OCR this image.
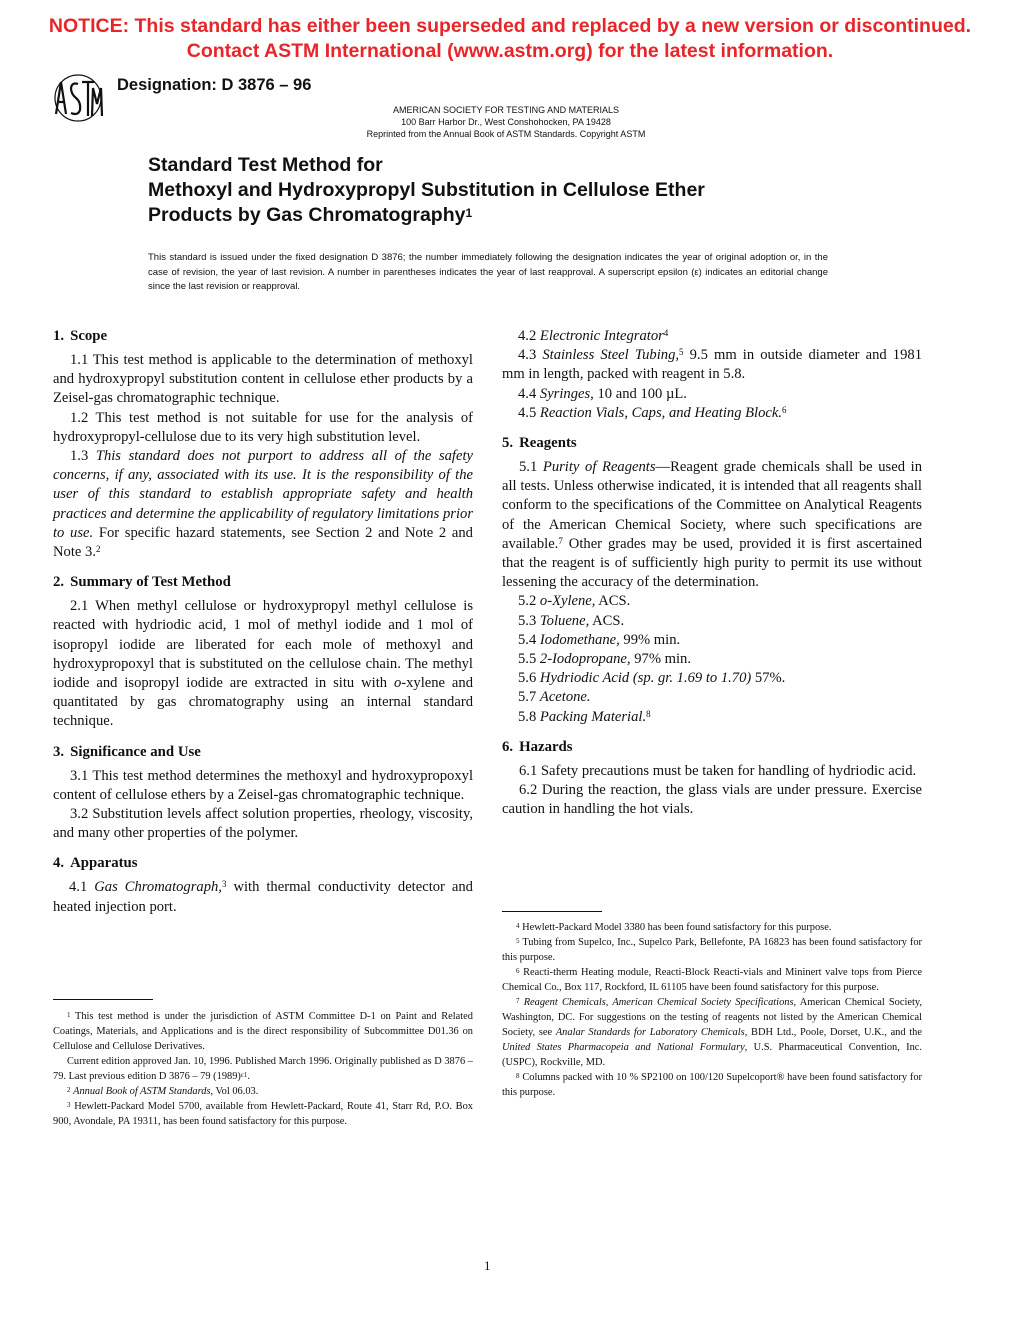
NOTICE: This standard has either been superseded and replaced by a new version or discontinued.
Contact ASTM International (www.astm.org) for the latest information.
ASTM
Designation: D 3876 – 96
AMERICAN SOCIETY FOR TESTING AND MATERIALS
100 Barr Harbor Dr., West Conshohocken, PA 19428
Reprinted from the Annual Book of ASTM Standards. Copyright ASTM
Standard Test Method for
Methoxyl and Hydroxypropyl Substitution in Cellulose Ether
Products by Gas Chromatography$^1$
This standard is issued under the fixed designation D 3876; the number immediately following the designation indicates the year of original adoption or, in the case of revision, the year of last revision. A number in parentheses indicates the year of last reapproval. A superscript epsilon (ε) indicates an editorial change since the last revision or reapproval.
1. Scope

1.1 This test method is applicable to the determination of methoxyl and hydroxypropyl substitution content in cellulose ether products by a Zeisel-gas chromatographic technique.

1.2 This test method is not suitable for use for the analysis of hydroxypropyl-cellulose due to its very high substitution level.

1.3 This standard does not purport to address all of the safety concerns, if any, associated with its use. It is the responsibility of the user of this standard to establish appropriate safety and health practices and determine the applicability of regulatory limitations prior to use. For specific hazard statements, see Section 2 and Note 2 and Note 3.$^2$

2. Summary of Test Method

2.1 When methyl cellulose or hydroxypropyl methyl cellulose is reacted with hydriodic acid, 1 mol of methyl iodide and 1 mol of isopropyl iodide are liberated for each mole of methoxyl and hydroxypropoxyl that is substituted on the cellulose chain. The methyl iodide and isopropyl iodide are extracted in situ with o-xylene and quantitated by gas chromatography using an internal standard technique.

3. Significance and Use

3.1 This test method determines the methoxyl and hydroxypropoxyl content of cellulose ethers by a Zeisel-gas chromatographic technique.

3.2 Substitution levels affect solution properties, rheology, viscosity, and many other properties of the polymer.

4. Apparatus

4.1 Gas Chromatograph,$^3$ with thermal conductivity detector and heated injection port.

4.2 Electronic Integrator$^4$

4.3 Stainless Steel Tubing,$^5$ 9.5 mm in outside diameter and 1981 mm in length, packed with reagent in 5.8.

4.4 Syringes, 10 and 100 µL.

4.5 Reaction Vials, Caps, and Heating Block.$^6$

5. Reagents

5.1 Purity of Reagents—Reagent grade chemicals shall be used in all tests. Unless otherwise indicated, it is intended that all reagents shall conform to the specifications of the Committee on Analytical Reagents of the American Chemical Society, where such specifications are available.$^7$ Other grades may be used, provided it is first ascertained that the reagent is of sufficiently high purity to permit its use without lessening the accuracy of the determination.

5.2 o-Xylene, ACS.

5.3 Toluene, ACS.

5.4 Iodomethane, 99% min.

5.5 2-Iodopropane, 97% min.

5.6 Hydriodic Acid (sp. gr. 1.69 to 1.70) 57%.

5.7 Acetone.

5.8 Packing Material.$^8$

6. Hazards

6.1 Safety precautions must be taken for handling of hydriodic acid.

6.2 During the reaction, the glass vials are under pressure. Exercise caution in handling the hot vials.

$^1$ This test method is under the jurisdiction of ASTM Committee D-1 on Paint and Related Coatings, Materials, and Applications and is the direct responsibility of Subcommittee D01.36 on Cellulose and Cellulose Derivatives.

Current edition approved Jan. 10, 1996. Published March 1996. Originally published as D 3876 – 79. Last previous edition D 3876 – 79 $(1989)^{\varepsilon 1}$.

$^2$ Annual Book of ASTM Standards, Vol 06.03.

$^3$ Hewlett-Packard Model 5700, available from Hewlett-Packard, Route 41, Starr Rd, P.O. Box 900, Avondale, PA 19311, has been found satisfactory for this purpose.

$^4$ Hewlett-Packard Model 3380 has been found satisfactory for this purpose.

$^5$ Tubing from Supelco, Inc., Supelco Park, Bellefonte, PA 16823 has been found satisfactory for this purpose.

$^6$ Reacti-therm Heating module, Reacti-Block Reacti-vials and Mininert valve tops from Pierce Chemical Co., Box 117, Rockford, IL 61105 have been found satisfactory for this purpose.

$^7$ Reagent Chemicals, American Chemical Society Specifications, American Chemical Society, Washington, DC. For suggestions on the testing of reagents not listed by the American Chemical Society, see Analar Standards for Laboratory Chemicals, BDH Ltd., Poole, Dorset, U.K., and the United States Pharmacopeia and National Formulary, U.S. Pharmaceutical Convention, Inc. (USPC), Rockville, MD.

$^8$ Columns packed with 10 % SP2100 on 100/120 Supelcoport® have been found satisfactory for this purpose.

1
